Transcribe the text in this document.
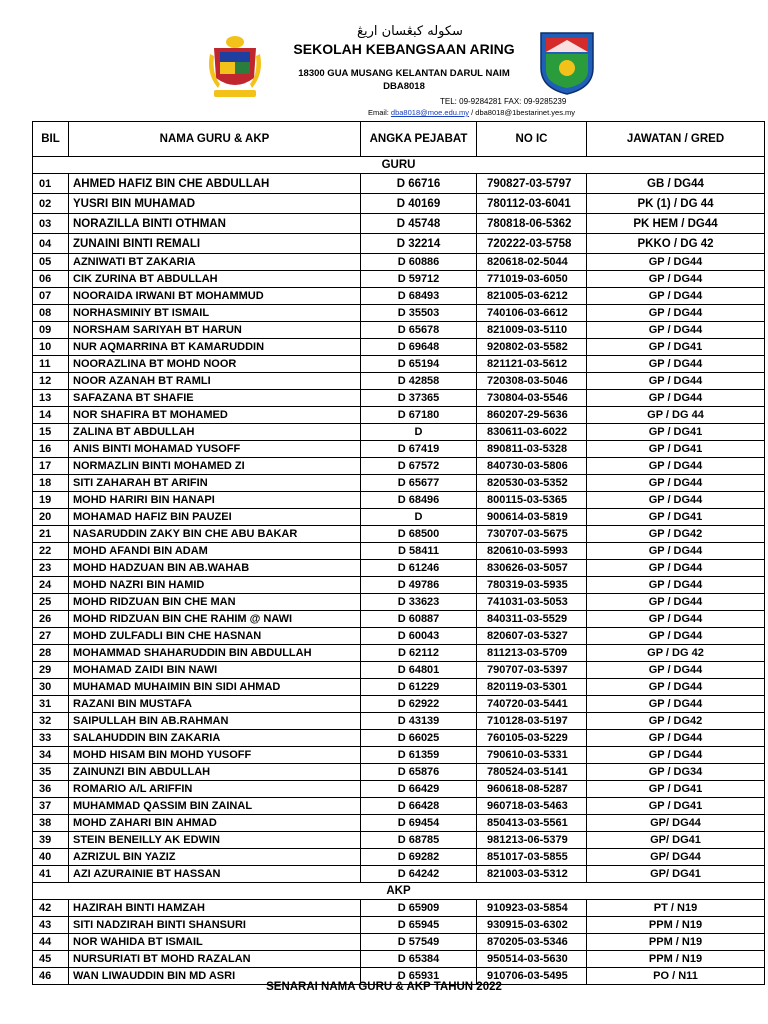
سکوله کبڠسان اريڠ
SEKOLAH KEBANGSAAN ARING
18300 GUA MUSANG KELANTAN DARUL NAIM
DBA8018
TEL: 09-9284281 FAX: 09-9285239
Email: dba8018@moe.edu.my / dba8018@1bestarinet.yes.my
BIL	NAMA GURU & AKP	ANGKA PEJABAT	NO IC	JAWATAN / GRED
GURU				
01	AHMED HAFIZ BIN CHE ABDULLAH	D 66716	790827-03-5797	GB / DG44
02	YUSRI BIN MUHAMAD	D 40169	780112-03-6041	PK (1) / DG 44
03	NORAZILLA BINTI OTHMAN	D 45748	780818-06-5362	PK HEM / DG44
04	ZUNAINI BINTI REMALI	D 32214	720222-03-5758	PKKO / DG 42
05	AZNIWATI BT ZAKARIA	D 60886	820618-02-5044	GP / DG44
06	CIK ZURINA BT ABDULLAH	D 59712	771019-03-6050	GP / DG44
07	NOORAIDA IRWANI BT MOHAMMUD	D 68493	821005-03-6212	GP / DG44
08	NORHASMINIY BT ISMAIL	D 35503	740106-03-6612	GP / DG44
09	NORSHAM SARIYAH BT HARUN	D 65678	821009-03-5110	GP / DG44
10	NUR AQMARRINA BT KAMARUDDIN	D 69648	920802-03-5582	GP / DG41
11	NOORAZLINA BT MOHD NOOR	D 65194	821121-03-5612	GP / DG44
12	NOOR AZANAH BT RAMLI	D 42858	720308-03-5046	GP / DG44
13	SAFAZANA BT SHAFIE	D 37365	730804-03-5546	GP / DG44
14	NOR SHAFIRA BT MOHAMED	D 67180	860207-29-5636	GP / DG 44
15	ZALINA BT ABDULLAH	D	830611-03-6022	GP / DG41
16	ANIS BINTI MOHAMAD YUSOFF	D 67419	890811-03-5328	GP / DG41
17	NORMAZLIN BINTI MOHAMED ZI	D 67572	840730-03-5806	GP / DG44
18	SITI ZAHARAH BT ARIFIN	D 65677	820530-03-5352	GP / DG44
19	MOHD HARIRI BIN HANAPI	D 68496	800115-03-5365	GP / DG44
20	MOHAMAD HAFIZ BIN PAUZEI	D	900614-03-5819	GP / DG41
21	NASARUDDIN ZAKY BIN CHE ABU BAKAR	D 68500	730707-03-5675	GP / DG42
22	MOHD AFANDI BIN ADAM	D 58411	820610-03-5993	GP / DG44
23	MOHD HADZUAN BIN AB.WAHAB	D 61246	830626-03-5057	GP / DG44
24	MOHD NAZRI BIN HAMID	D 49786	780319-03-5935	GP / DG44
25	MOHD RIDZUAN BIN CHE MAN	D 33623	741031-03-5053	GP / DG44
26	MOHD RIDZUAN BIN CHE RAHIM @ NAWI	D 60887	840311-03-5529	GP / DG44
27	MOHD ZULFADLI BIN CHE HASNAN	D 60043	820607-03-5327	GP / DG44
28	MOHAMMAD SHAHARUDDIN BIN ABDULLAH	D 62112	811213-03-5709	GP / DG 42
29	MOHAMAD ZAIDI BIN NAWI	D 64801	790707-03-5397	GP / DG44
30	MUHAMAD MUHAIMIN BIN SIDI AHMAD	D 61229	820119-03-5301	GP / DG44
31	RAZANI BIN MUSTAFA	D 62922	740720-03-5441	GP / DG44
32	SAIPULLAH BIN AB.RAHMAN	D 43139	710128-03-5197	GP / DG42
33	SALAHUDDIN BIN ZAKARIA	D 66025	760105-03-5229	GP / DG44
34	MOHD HISAM BIN MOHD YUSOFF	D 61359	790610-03-5331	GP / DG44
35	ZAINUNZI BIN ABDULLAH	D 65876	780524-03-5141	GP / DG34
36	ROMARIO A/L ARIFFIN	D 66429	960618-08-5287	GP / DG41
37	MUHAMMAD QASSIM BIN ZAINAL	D 66428	960718-03-5463	GP / DG41
38	MOHD ZAHARI BIN AHMAD	D 69454	850413-03-5561	GP/ DG44
39	STEIN BENEILLY AK EDWIN	D 68785	981213-06-5379	GP/ DG41
40	AZRIZUL BIN YAZIZ	D 69282	851017-03-5855	GP/ DG44
41	AZI AZURAINIE BT HASSAN	D 64242	821003-03-5312	GP/ DG41
AKP				
42	HAZIRAH BINTI HAMZAH	D 65909	910923-03-5854	PT / N19
43	SITI NADZIRAH BINTI SHANSURI	D 65945	930915-03-6302	PPM / N19
44	NOR WAHIDA BT ISMAIL	D 57549	870205-03-5346	PPM / N19
45	NURSURIATI BT MOHD RAZALAN	D 65384	950514-03-5630	PPM / N19
46	WAN LIWAUDDIN BIN MD ASRI	D 65931	910706-03-5495	PO / N11
SENARAI NAMA GURU & AKP TAHUN 2022
